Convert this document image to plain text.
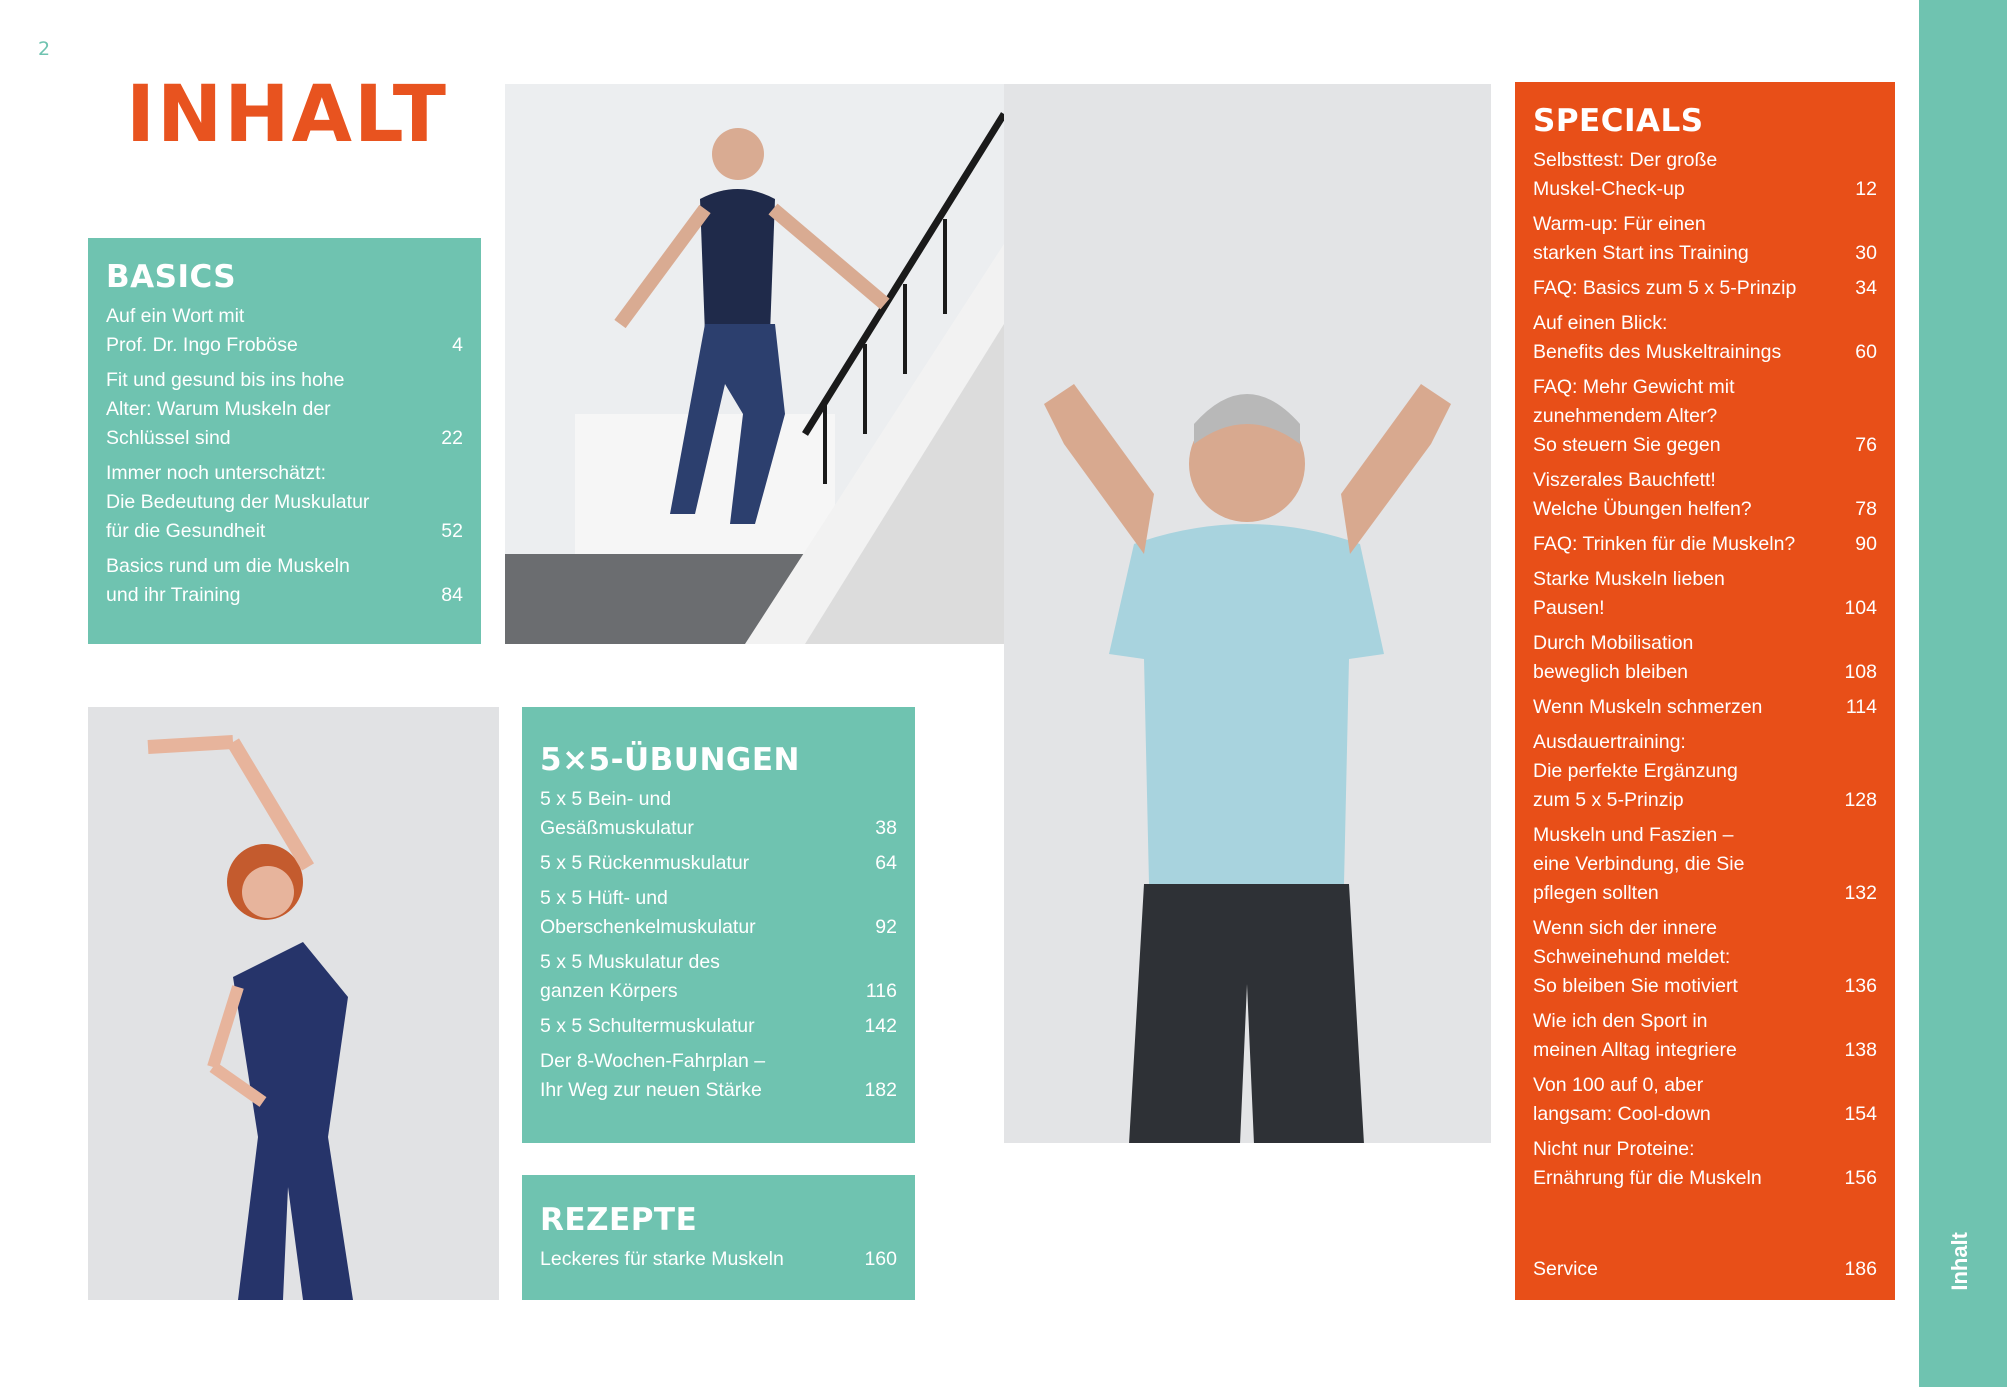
2
INHALT
BASICS
Auf ein Wort mit
Prof. Dr. Ingo Froböse	4
Fit und gesund bis ins hohe
Alter: Warum Muskeln der
Schlüssel sind	22
Immer noch unterschätzt:
Die Bedeutung der Muskulatur
für die Gesundheit	52
Basics rund um die Muskeln
und ihr Training	84
5×5-ÜBUNGEN
5 x 5 Bein- und
Gesäßmuskulatur	38
5 x 5 Rückenmuskulatur	64
5 x 5 Hüft- und
Oberschenkelmuskulatur	92
5 x 5 Muskulatur des
ganzen Körpers	116
5 x 5 Schultermuskulatur	142
Der 8-Wochen-Fahrplan –
Ihr Weg zur neuen Stärke	182
REZEPTE
Leckeres für starke Muskeln	160
SPECIALS
Selbsttest: Der große
Muskel-Check-up	12
Warm-up: Für einen
starken Start ins Training	30
FAQ: Basics zum 5 x 5-Prinzip	34
Auf einen Blick:
Benefits des Muskeltrainings	60
FAQ: Mehr Gewicht mit
zunehmendem Alter?
So steuern Sie gegen	76
Viszerales Bauchfett!
Welche Übungen helfen?	78
FAQ: Trinken für die Muskeln?	90
Starke Muskeln lieben
Pausen!	104
Durch Mobilisation
beweglich bleiben	108
Wenn Muskeln schmerzen	114
Ausdauertraining:
Die perfekte Ergänzung
zum 5 x 5-Prinzip	128
Muskeln und Faszien –
eine Verbindung, die Sie
pflegen sollten	132
Wenn sich der innere
Schweinehund meldet:
So bleiben Sie motiviert	136
Wie ich den Sport in
meinen Alltag integriere	138
Von 100 auf 0, aber
langsam: Cool-down	154
Nicht nur Proteine:
Ernährung für die Muskeln	156
Service	186	Inhalt
